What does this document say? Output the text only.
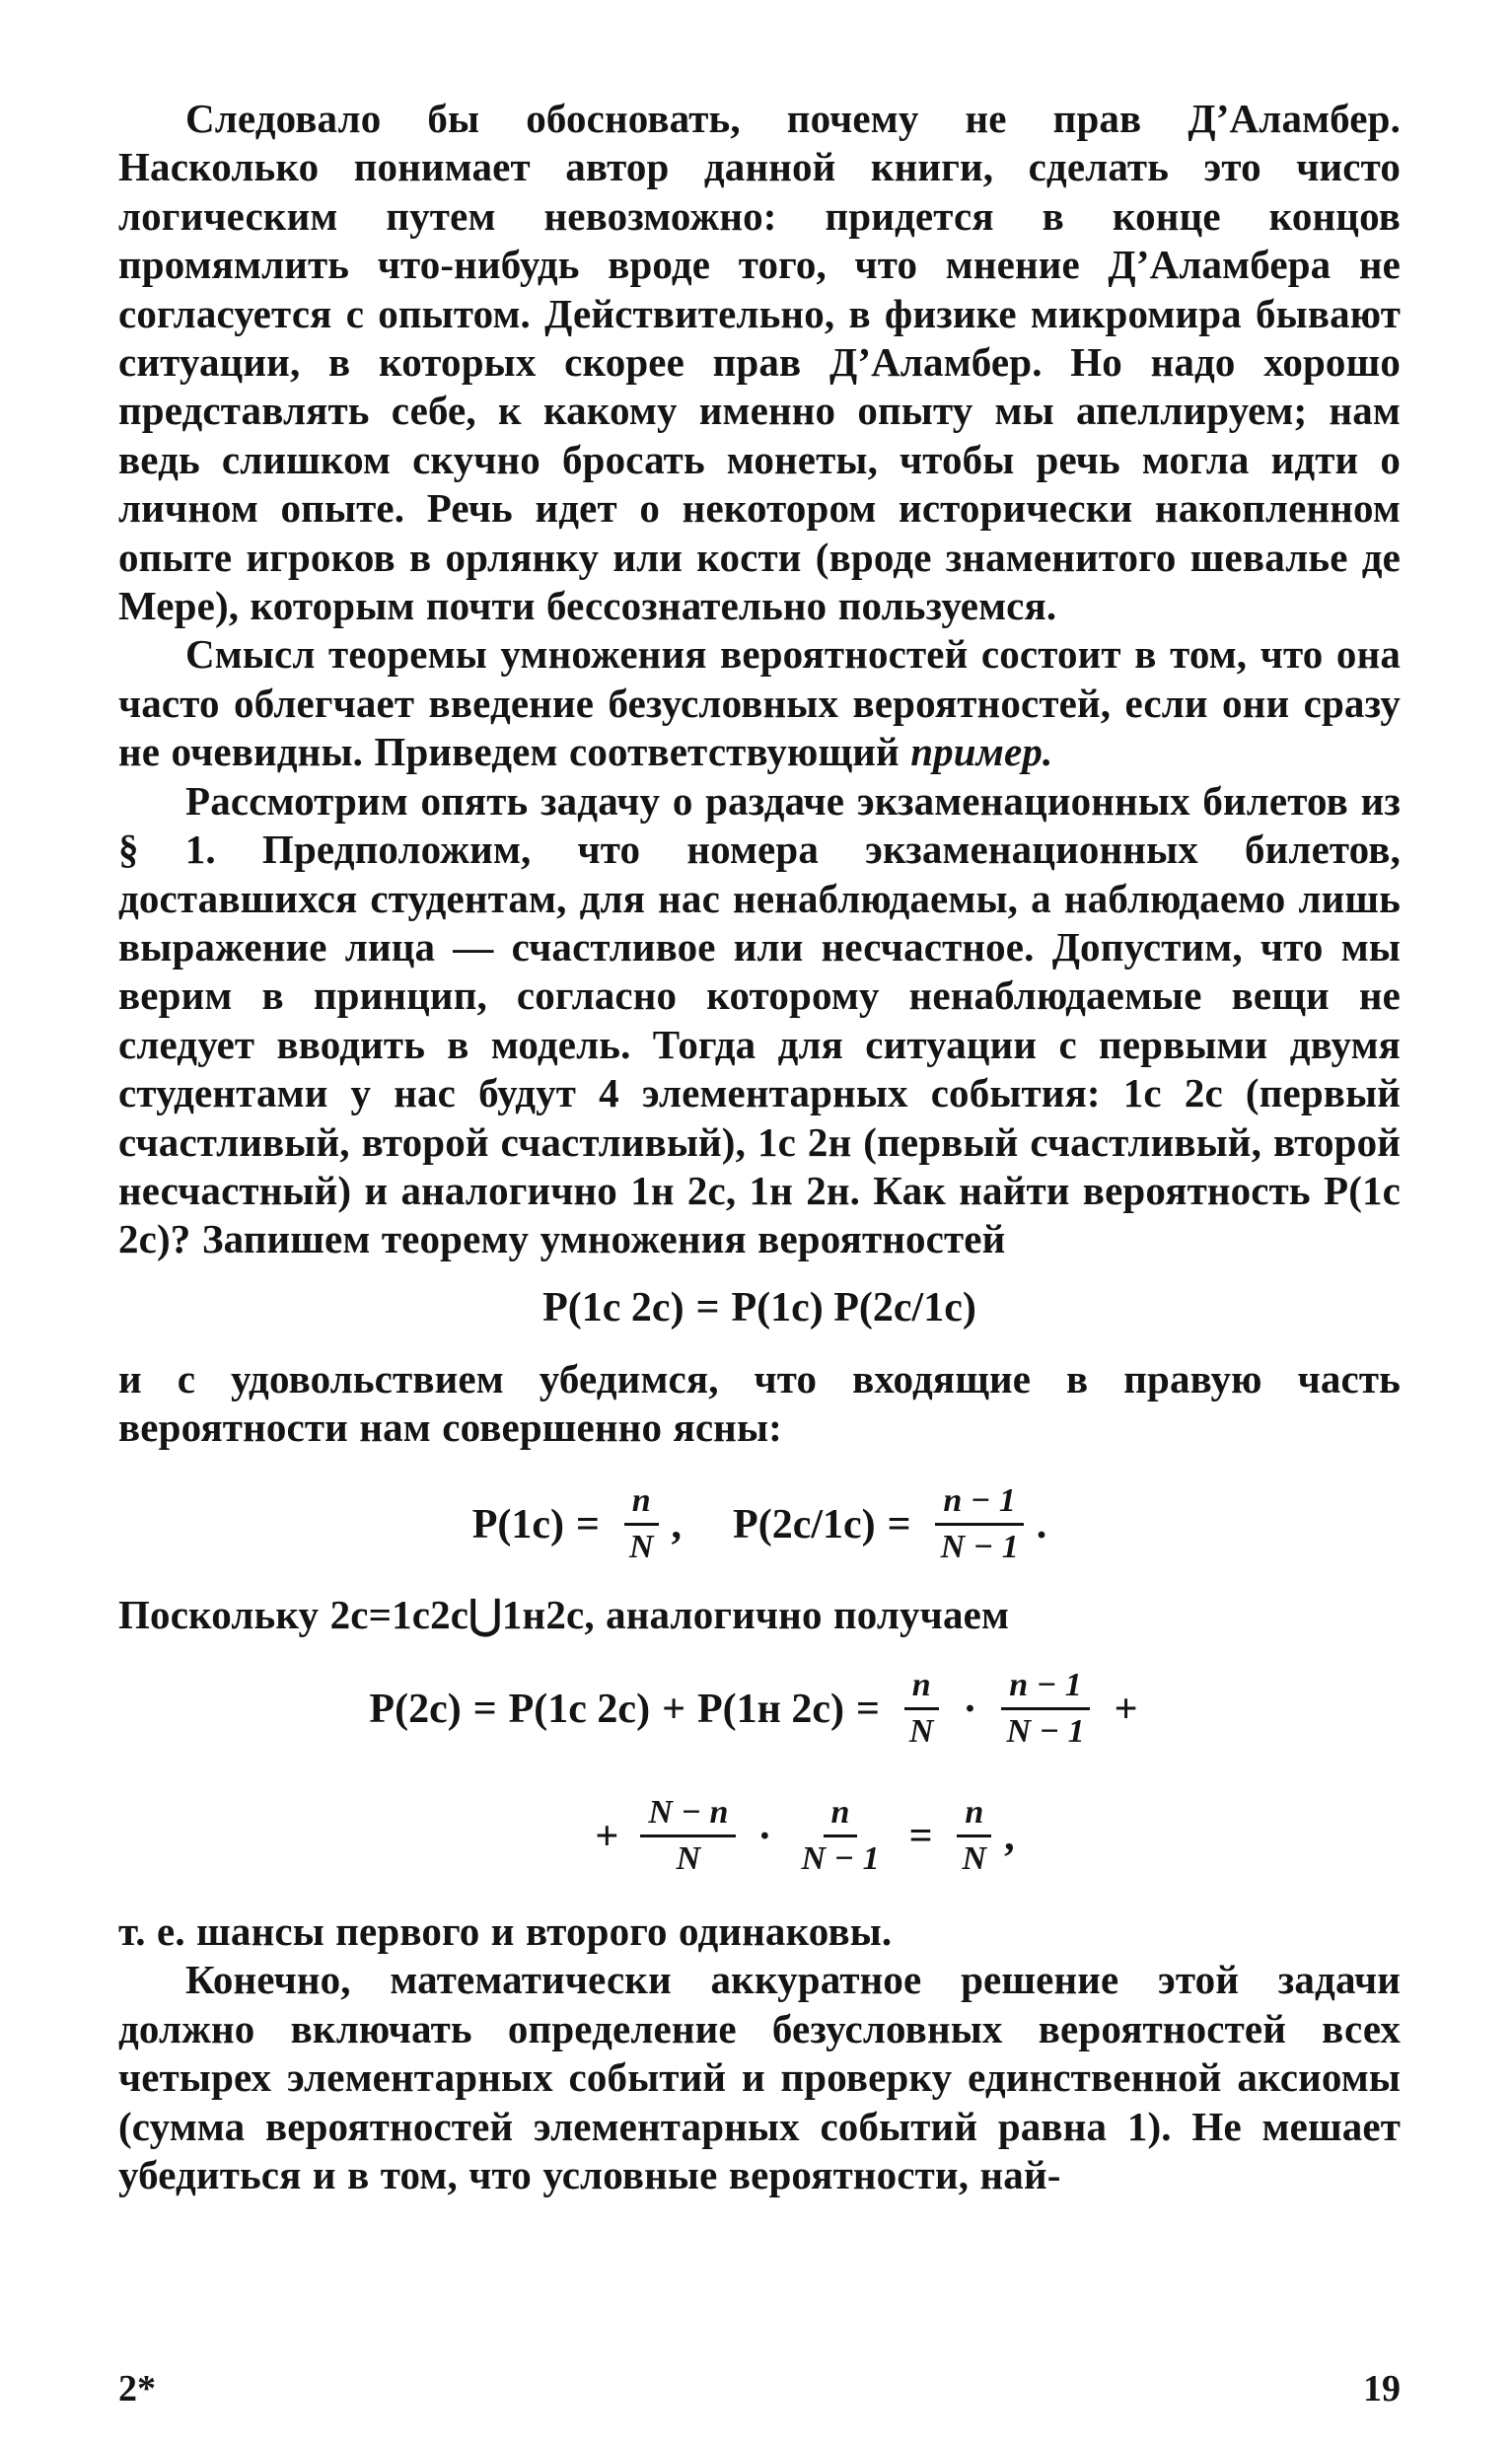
Следовало бы обосновать, почему не прав Д’Аламбер. Насколько понимает автор данной книги, сделать это чисто логическим путем невозможно: придется в конце концов промямлить что-нибудь вроде того, что мнение Д’Аламбера не согласуется с опытом. Действительно, в физике микромира бывают ситуации, в которых скорее прав Д’Аламбер. Но надо хорошо представлять себе, к какому именно опыту мы апеллируем; нам ведь слишком скучно бросать монеты, чтобы речь могла идти о личном опыте. Речь идет о некотором исторически накопленном опыте игроков в орлянку или кости (вроде знаменитого шевалье де Мере), которым почти бессознательно пользуемся.

Смысл теоремы умножения вероятностей состоит в том, что она часто облегчает введение безусловных вероятностей, если они сразу не очевидны. Приведем соответствующий пример.

Рассмотрим опять задачу о раздаче экзаменационных билетов из § 1. Предположим, что номера экзаменационных билетов, доставшихся студентам, для нас ненаблюдаемы, а наблюдаемо лишь выражение лица — счастливое или несчастное. Допустим, что мы верим в принцип, согласно которому ненаблюдаемые вещи не следует вводить в модель. Тогда для ситуации с первыми двумя студентами у нас будут 4 элементарных события: 1с 2с (первый счастливый, второй счастливый), 1с 2н (первый счастливый, второй несчастный) и аналогично 1н 2с, 1н 2н. Как найти вероятность P(1с 2с)? Запишем теорему умножения вероятностей

P(1с 2с) = P(1с) P(2с/1с)

и с удовольствием убедимся, что входящие в правую часть вероятности нам совершенно ясны:

$P(1с) = \frac{n}{N}$ , $P(2с/1с) = \frac{n - 1}{N - 1}$ .

Поскольку 2с=1с2с⋃1н2с, аналогично получаем

P(2с) = P(1с 2с) + P(1н $2с) = \frac{n}{N} \cdot \frac{n - 1}{N - 1}$ +
+ $\frac{N - n}{N} \cdot \frac{n}{N - 1} = \frac{n}{N}$ ,

т. е. шансы первого и второго одинаковы.

Конечно, математически аккуратное решение этой задачи должно включать определение безусловных вероятностей всех четырех элементарных событий и проверку единственной аксиомы (сумма вероятностей элементарных событий равна 1). Не мешает убедиться и в том, что условные вероятности, най-

2*	19
